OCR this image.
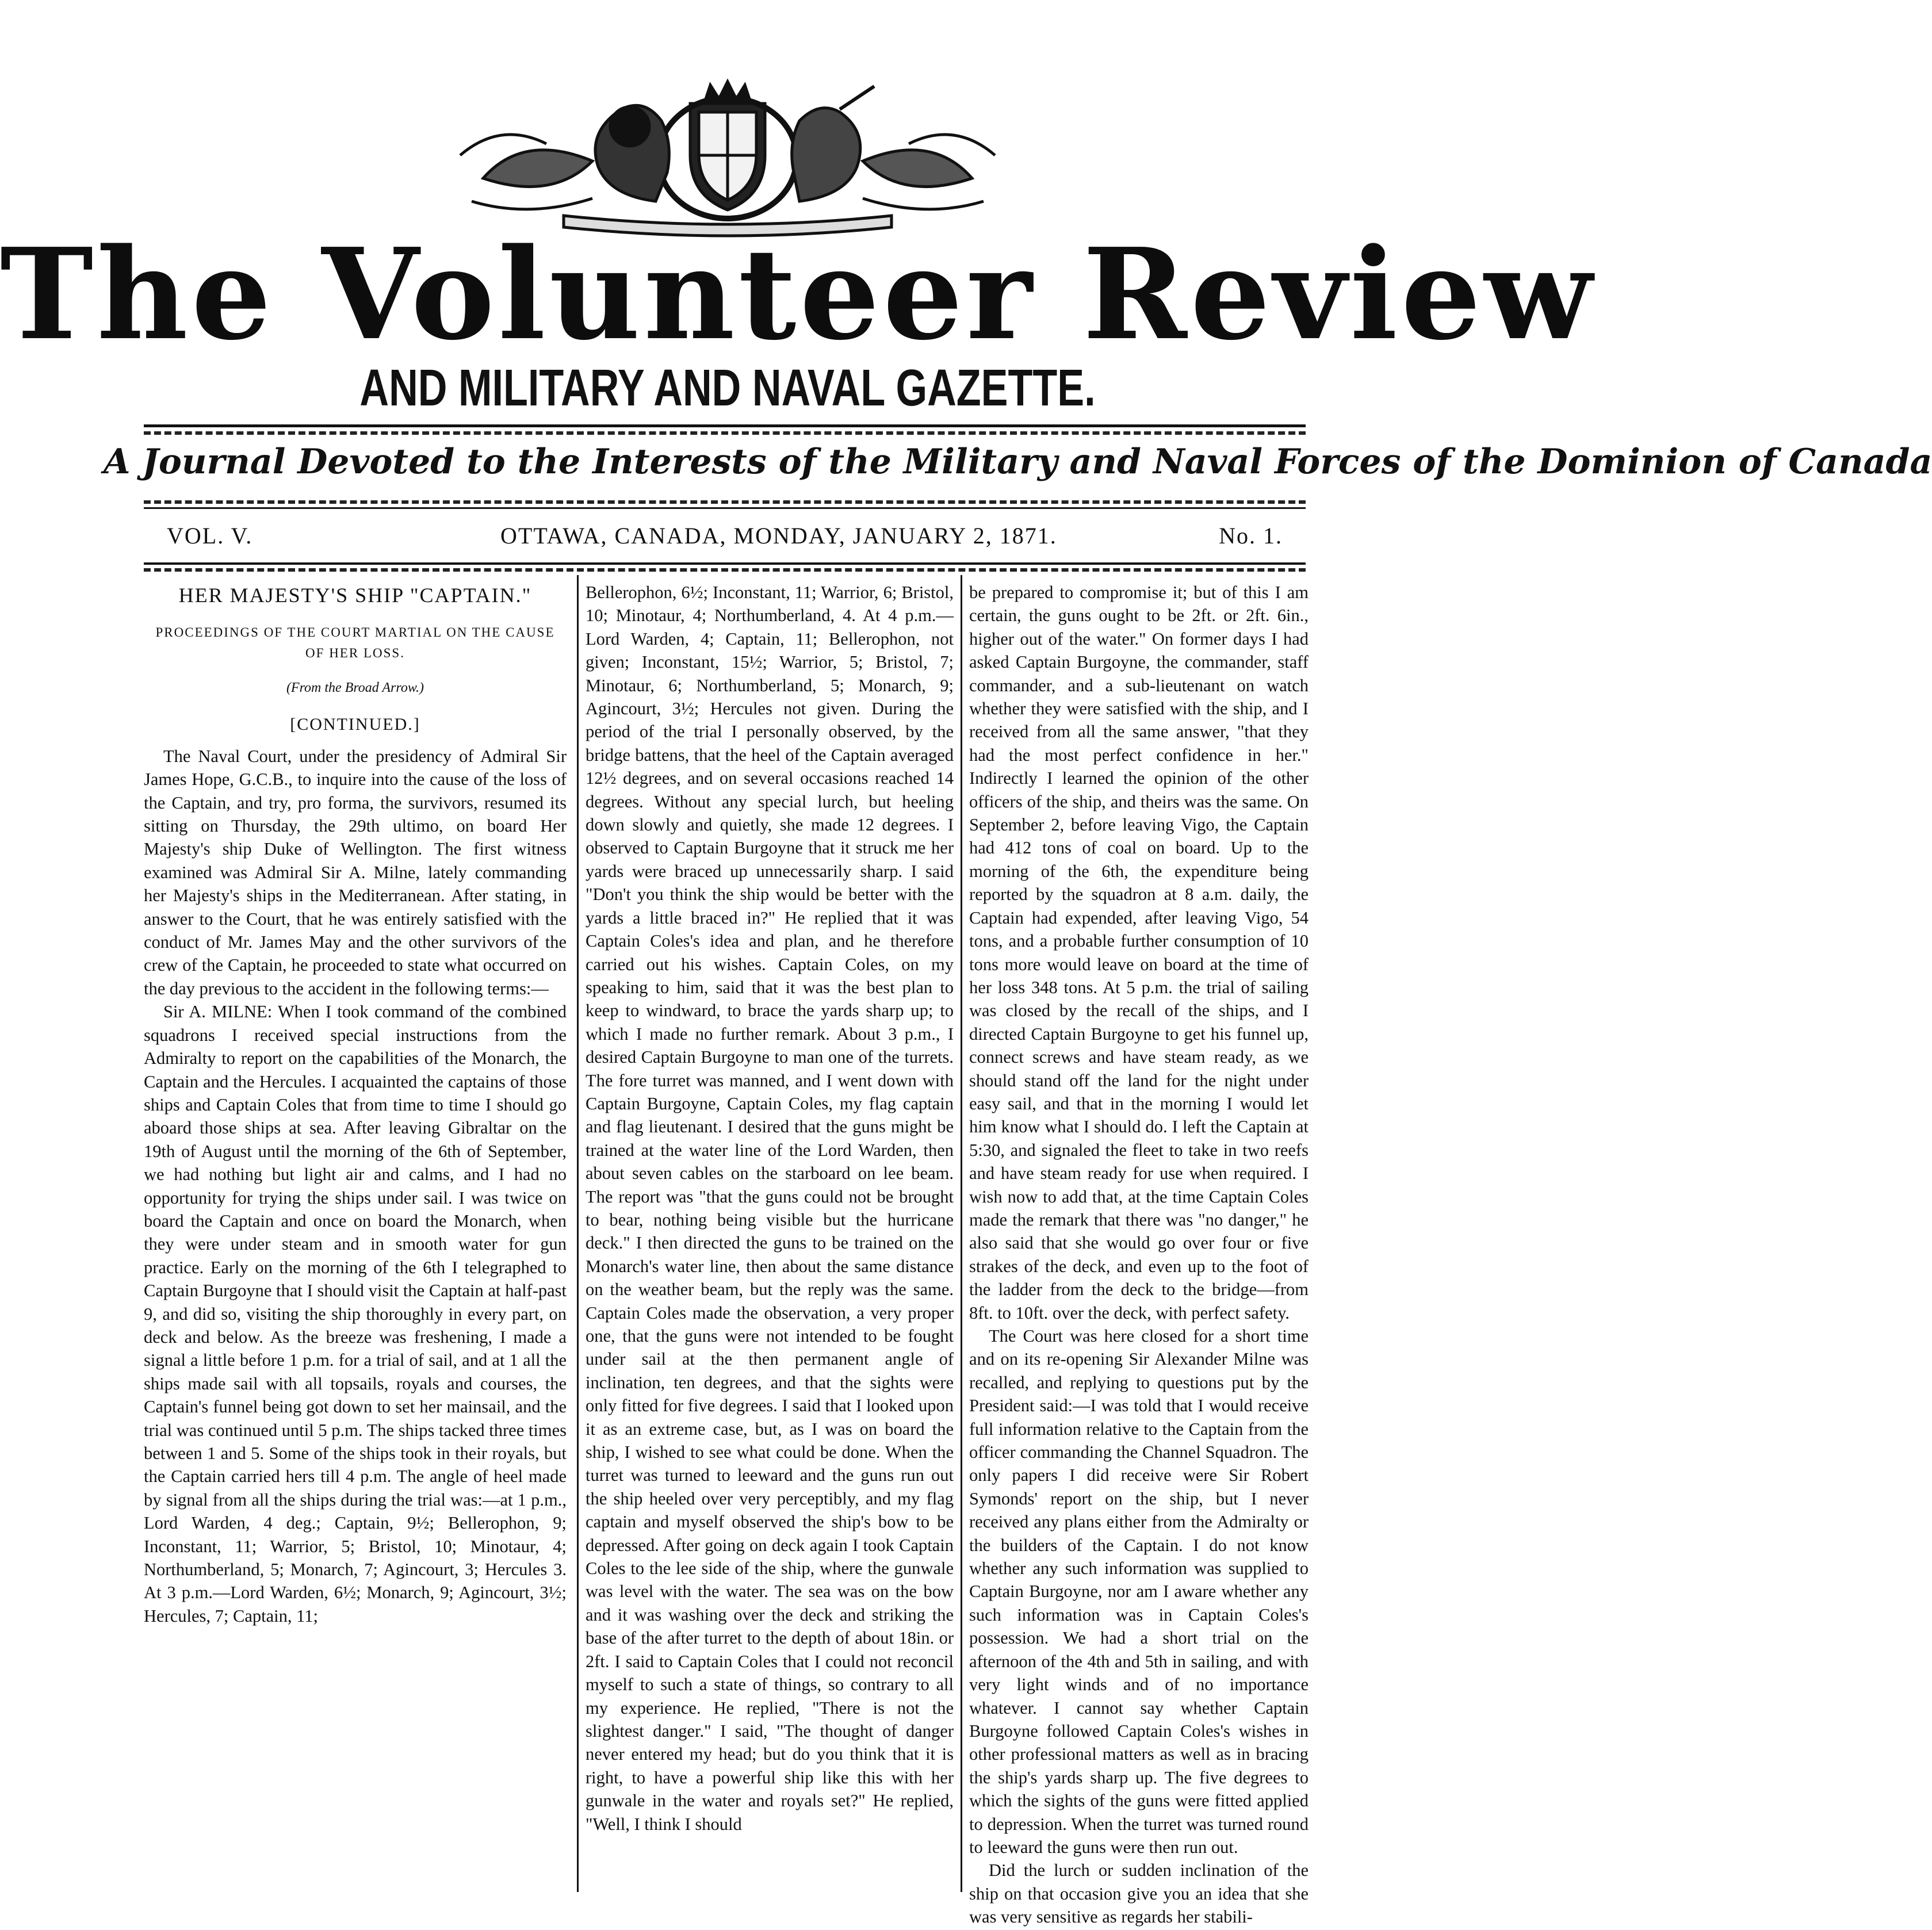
The Volunteer Review
AND MILITARY AND NAVAL GAZETTE.
A Journal Devoted to the Interests of the Military and Naval Forces of the Dominion of Canada
VOL. V.	OTTAWA, CANADA, MONDAY, JANUARY 2, 1871.	No. 1.
HER MAJESTY'S SHIP "CAPTAIN."
PROCEEDINGS OF THE COURT MARTIAL ON THE CAUSE OF HER LOSS.
(From the Broad Arrow.)
[CONTINUED.]

The Naval Court, under the presidency of Admiral Sir James Hope, G.C.B., to inquire into the cause of the loss of the Captain, and try, pro forma, the survivors, resumed its sitting on Thursday, the 29th ultimo, on board Her Majesty's ship Duke of Wellington. The first witness examined was Admiral Sir A. Milne, lately commanding her Majesty's ships in the Mediterranean. After stating, in answer to the Court, that he was entirely satisfied with the conduct of Mr. James May and the other survivors of the crew of the Captain, he proceeded to state what occurred on the day previous to the accident in the following terms:—

Sir A. MILNE: When I took command of the combined squadrons I received special instructions from the Admiralty to report on the capabilities of the Monarch, the Captain and the Hercules. I acquainted the captains of those ships and Captain Coles that from time to time I should go aboard those ships at sea. After leaving Gibraltar on the 19th of August until the morning of the 6th of September, we had nothing but light air and calms, and I had no opportunity for trying the ships under sail. I was twice on board the Captain and once on board the Monarch, when they were under steam and in smooth water for gun practice. Early on the morning of the 6th I telegraphed to Captain Burgoyne that I should visit the Captain at half-past 9, and did so, visiting the ship thoroughly in every part, on deck and below. As the breeze was freshening, I made a signal a little before 1 p.m. for a trial of sail, and at 1 all the ships made sail with all topsails, royals and courses, the Captain's funnel being got down to set her mainsail, and the trial was continued until 5 p.m. The ships tacked three times between 1 and 5. Some of the ships took in their royals, but the Captain carried hers till 4 p.m. The angle of heel made by signal from all the ships during the trial was:—at 1 p.m., Lord Warden, 4 deg.; Captain, 9½; Bellerophon, 9; Inconstant, 11; Warrior, 5; Bristol, 10; Minotaur, 4; Northumberland, 5; Monarch, 7; Agincourt, 3; Hercules 3. At 3 p.m.—Lord Warden, 6½; Monarch, 9; Agincourt, 3½; Hercules, 7; Captain, 11;

Bellerophon, 6½; Inconstant, 11; Warrior, 6; Bristol, 10; Minotaur, 4; Northumberland, 4. At 4 p.m.—Lord Warden, 4; Captain, 11; Bellerophon, not given; Inconstant, 15½; Warrior, 5; Bristol, 7; Minotaur, 6; Northumberland, 5; Monarch, 9; Agincourt, 3½; Hercules not given. During the period of the trial I personally observed, by the bridge battens, that the heel of the Captain averaged 12½ degrees, and on several occasions reached 14 degrees. Without any special lurch, but heeling down slowly and quietly, she made 12 degrees. I observed to Captain Burgoyne that it struck me her yards were braced up unnecessarily sharp. I said "Don't you think the ship would be better with the yards a little braced in?" He replied that it was Captain Coles's idea and plan, and he therefore carried out his wishes. Captain Coles, on my speaking to him, said that it was the best plan to keep to windward, to brace the yards sharp up; to which I made no further remark. About 3 p.m., I desired Captain Burgoyne to man one of the turrets. The fore turret was manned, and I went down with Captain Burgoyne, Captain Coles, my flag captain and flag lieutenant. I desired that the guns might be trained at the water line of the Lord Warden, then about seven cables on the starboard on lee beam. The report was "that the guns could not be brought to bear, nothing being visible but the hurricane deck." I then directed the guns to be trained on the Monarch's water line, then about the same distance on the weather beam, but the reply was the same. Captain Coles made the observation, a very proper one, that the guns were not intended to be fought under sail at the then permanent angle of inclination, ten degrees, and that the sights were only fitted for five degrees. I said that I looked upon it as an extreme case, but, as I was on board the ship, I wished to see what could be done. When the turret was turned to leeward and the guns run out the ship heeled over very perceptibly, and my flag captain and myself observed the ship's bow to be depressed. After going on deck again I took Captain Coles to the lee side of the ship, where the gunwale was level with the water. The sea was on the bow and it was washing over the deck and striking the base of the after turret to the depth of about 18in. or 2ft. I said to Captain Coles that I could not reconcil myself to such a state of things, so contrary to all my experience. He replied, "There is not the slightest danger." I said, "The thought of danger never entered my head; but do you think that it is right, to have a powerful ship like this with her gunwale in the water and royals set?" He replied, "Well, I think I should

be prepared to compromise it; but of this I am certain, the guns ought to be 2ft. or 2ft. 6in., higher out of the water." On former days I had asked Captain Burgoyne, the commander, staff commander, and a sub-lieutenant on watch whether they were satisfied with the ship, and I received from all the same answer, "that they had the most perfect confidence in her." Indirectly I learned the opinion of the other officers of the ship, and theirs was the same. On September 2, before leaving Vigo, the Captain had 412 tons of coal on board. Up to the morning of the 6th, the expenditure being reported by the squadron at 8 a.m. daily, the Captain had expended, after leaving Vigo, 54 tons, and a probable further consumption of 10 tons more would leave on board at the time of her loss 348 tons. At 5 p.m. the trial of sailing was closed by the recall of the ships, and I directed Captain Burgoyne to get his funnel up, connect screws and have steam ready, as we should stand off the land for the night under easy sail, and that in the morning I would let him know what I should do. I left the Captain at 5:30, and signaled the fleet to take in two reefs and have steam ready for use when required. I wish now to add that, at the time Captain Coles made the remark that there was "no danger," he also said that she would go over four or five strakes of the deck, and even up to the foot of the ladder from the deck to the bridge—from 8ft. to 10ft. over the deck, with perfect safety.

The Court was here closed for a short time and on its re-opening Sir Alexander Milne was recalled, and replying to questions put by the President said:—I was told that I would receive full information relative to the Captain from the officer commanding the Channel Squadron. The only papers I did receive were Sir Robert Symonds' report on the ship, but I never received any plans either from the Admiralty or the builders of the Captain. I do not know whether any such information was supplied to Captain Burgoyne, nor am I aware whether any such information was in Captain Coles's possession. We had a short trial on the afternoon of the 4th and 5th in sailing, and with very light winds and of no importance whatever. I cannot say whether Captain Burgoyne followed Captain Coles's wishes in other professional matters as well as in bracing the ship's yards sharp up. The five degrees to which the sights of the guns were fitted applied to depression. When the turret was turned round to leeward the guns were then run out.

Did the lurch or sudden inclination of the ship on that occasion give you an idea that she was very sensitive as regards her stabili-
